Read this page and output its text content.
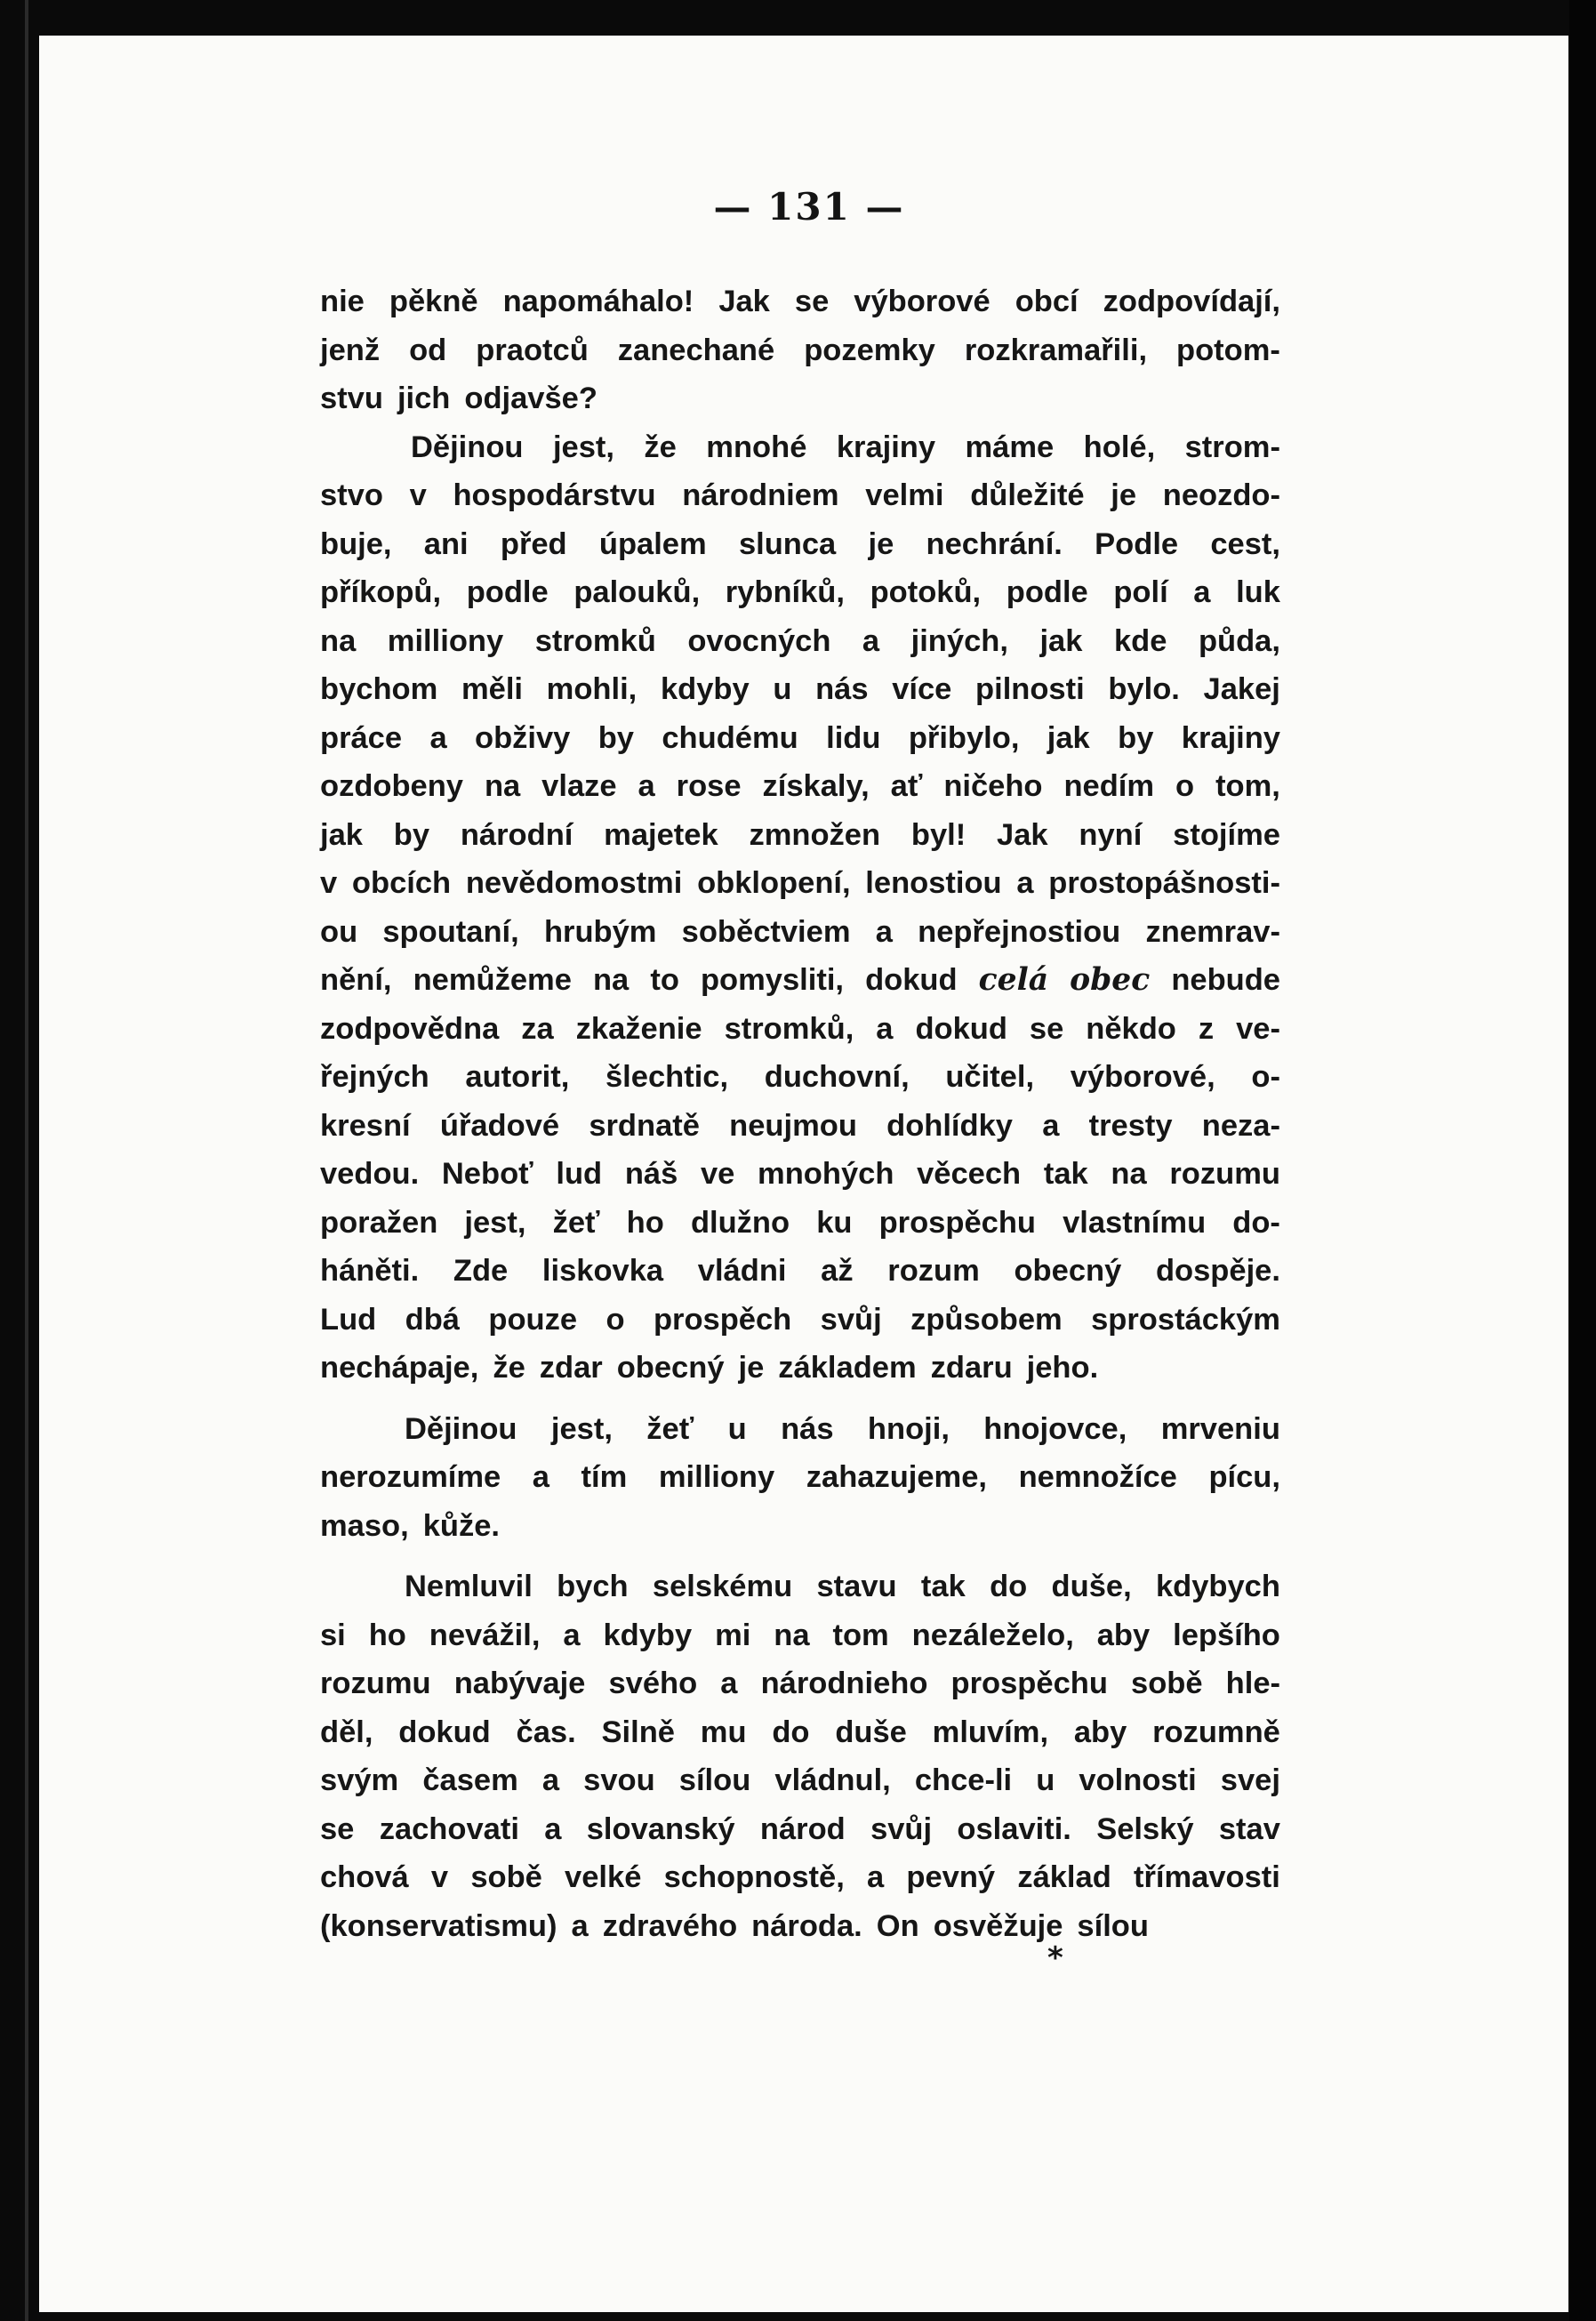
— 131 —
nie pěkně napomáhalo! Jak se výborové obcí zodpovídají,
jenž od praotců zanechané pozemky rozkramařili, potom-
stvu jich odjavše?
Dějinou jest, že mnohé krajiny máme holé, strom-
stvo v hospodárstvu národniem velmi důležité je neozdo-
buje, ani před úpalem slunca je nechrání. Podle cest,
příkopů, podle palouků, rybníků, potoků, podle polí a luk
na milliony stromků ovocných a jiných, jak kde půda,
bychom měli mohli, kdyby u nás více pilnosti bylo. Jakej
práce a obživy by chudému lidu přibylo, jak by krajiny
ozdobeny na vlaze a rose získaly, ať ničeho nedím o tom,
jak by národní majetek zmnožen byl! Jak nyní stojíme
v obcích nevědomostmi obklopení, lenostiou a prostopášnosti-
ou spoutaní, hrubým soběctviem a nepřejnostiou znemrav-
nění, nemůžeme na to pomysliti, dokud celá obec nebude
zodpovědna za zkaženie stromků, a dokud se někdo z ve-
řejných autorit, šlechtic, duchovní, učitel, výborové, o-
kresní úřadové srdnatě neujmou dohlídky a tresty neza-
vedou. Neboť lud náš ve mnohých věcech tak na rozumu
poražen jest, žeť ho dlužno ku prospěchu vlastnímu do-
háněti. Zde liskovka vládni až rozum obecný dospěje.
Lud dbá pouze o prospěch svůj způsobem sprostáckým
nechápaje, že zdar obecný je základem zdaru jeho.
Dějinou jest, žeť u nás hnoji, hnojovce, mrveniu
nerozumíme a tím milliony zahazujeme, nemnožíce pícu,
maso, kůže.
Nemluvil bych selskému stavu tak do duše, kdybych
si ho nevážil, a kdyby mi na tom nezáleželo, aby lepšího
rozumu nabývaje svého a národnieho prospěchu sobě hle-
děl, dokud čas. Silně mu do duše mluvím, aby rozumně
svým časem a svou sílou vládnul, chce-li u volnosti svej
se zachovati a slovanský národ svůj oslaviti. Selský stav
chová v sobě velké schopnostě, a pevný základ třímavosti
(konservatismu) a zdravého národa. On osvěžuje sílou
*
